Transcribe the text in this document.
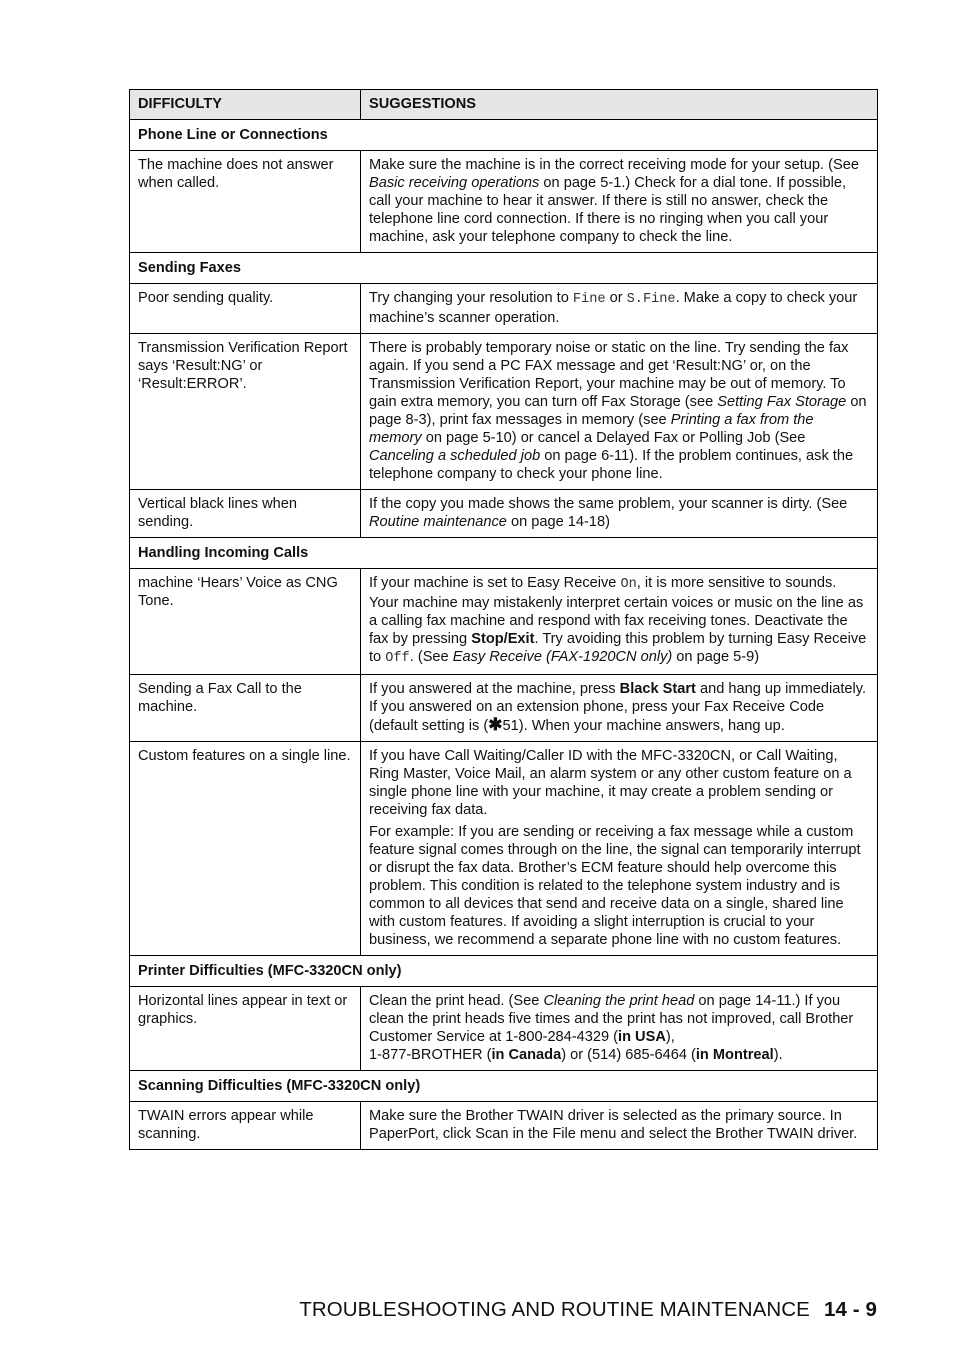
DIFFICULTY	SUGGESTIONS
Phone Line or Connections	
The machine does not answer when called.	Make sure the machine is in the correct receiving mode for your setup. (See Basic receiving operations on page 5-1.) Check for a dial tone. If possible, call your machine to hear it answer. If there is still no answer, check the telephone line cord connection. If there is no ringing when you call your machine, ask your telephone company to check the line.
Sending Faxes	
Poor sending quality.	Try changing your resolution to Fine or S.Fine. Make a copy to check your machine’s scanner operation.
Transmission Verification Report says ‘Result:NG’ or ‘Result:ERROR’.	There is probably temporary noise or static on the line. Try sending the fax again. If you send a PC FAX message and get ‘Result:NG’ or, on the Transmission Verification Report, your machine may be out of memory. To gain extra memory, you can turn off Fax Storage (see Setting Fax Storage on page 8-3), print fax messages in memory (see Printing a fax from the memory on page 5-10) or cancel a Delayed Fax or Polling Job (See Canceling a scheduled job on page 6-11). If the problem continues, ask the telephone company to check your phone line.
Vertical black lines when sending.	If the copy you made shows the same problem, your scanner is dirty. (See Routine maintenance on page 14-18)
Handling Incoming Calls	
machine ‘Hears’ Voice as CNG Tone.	If your machine is set to Easy Receive On, it is more sensitive to sounds. Your machine may mistakenly interpret certain voices or music on the line as a calling fax machine and respond with fax receiving tones. Deactivate the fax by pressing Stop/Exit. Try avoiding this problem by turning Easy Receive to Off. (See Easy Receive (FAX-1920CN only) on page 5-9)
Sending a Fax Call to the machine.	If you answered at the machine, press Black Start and hang up immediately. If you answered on an extension phone, press your Fax Receive Code (default setting is (✱51). When your machine answers, hang up.
Custom features on a single line.	If you have Call Waiting/Caller ID with the MFC-3320CN, or Call Waiting, Ring Master, Voice Mail, an alarm system or any other custom feature on a single phone line with your machine, it may create a problem sending or receiving fax data.

For example: If you are sending or receiving a fax message while a custom feature signal comes through on the line, the signal can temporarily interrupt or disrupt the fax data. Brother’s ECM feature should help overcome this problem. This condition is related to the telephone system industry and is common to all devices that send and receive data on a single, shared line with custom features. If avoiding a slight interruption is crucial to your business, we recommend a separate phone line with no custom features.

Printer Difficulties (MFC-3320CN only)	
Horizontal lines appear in text or graphics.	Clean the print head. (See Cleaning the print head on page 14-11.) If you clean the print heads five times and the print has not improved, call Brother Customer Service at 1-800-284-4329 (in USA),
1-877-BROTHER (in Canada) or (514) 685-6464 (in Montreal).
Scanning Difficulties (MFC-3320CN only)	
TWAIN errors appear while scanning.	Make sure the Brother TWAIN driver is selected as the primary source. In PaperPort, click Scan in the File menu and select the Brother TWAIN driver.
TROUBLESHOOTING AND ROUTINE MAINTENANCE 14 - 9
